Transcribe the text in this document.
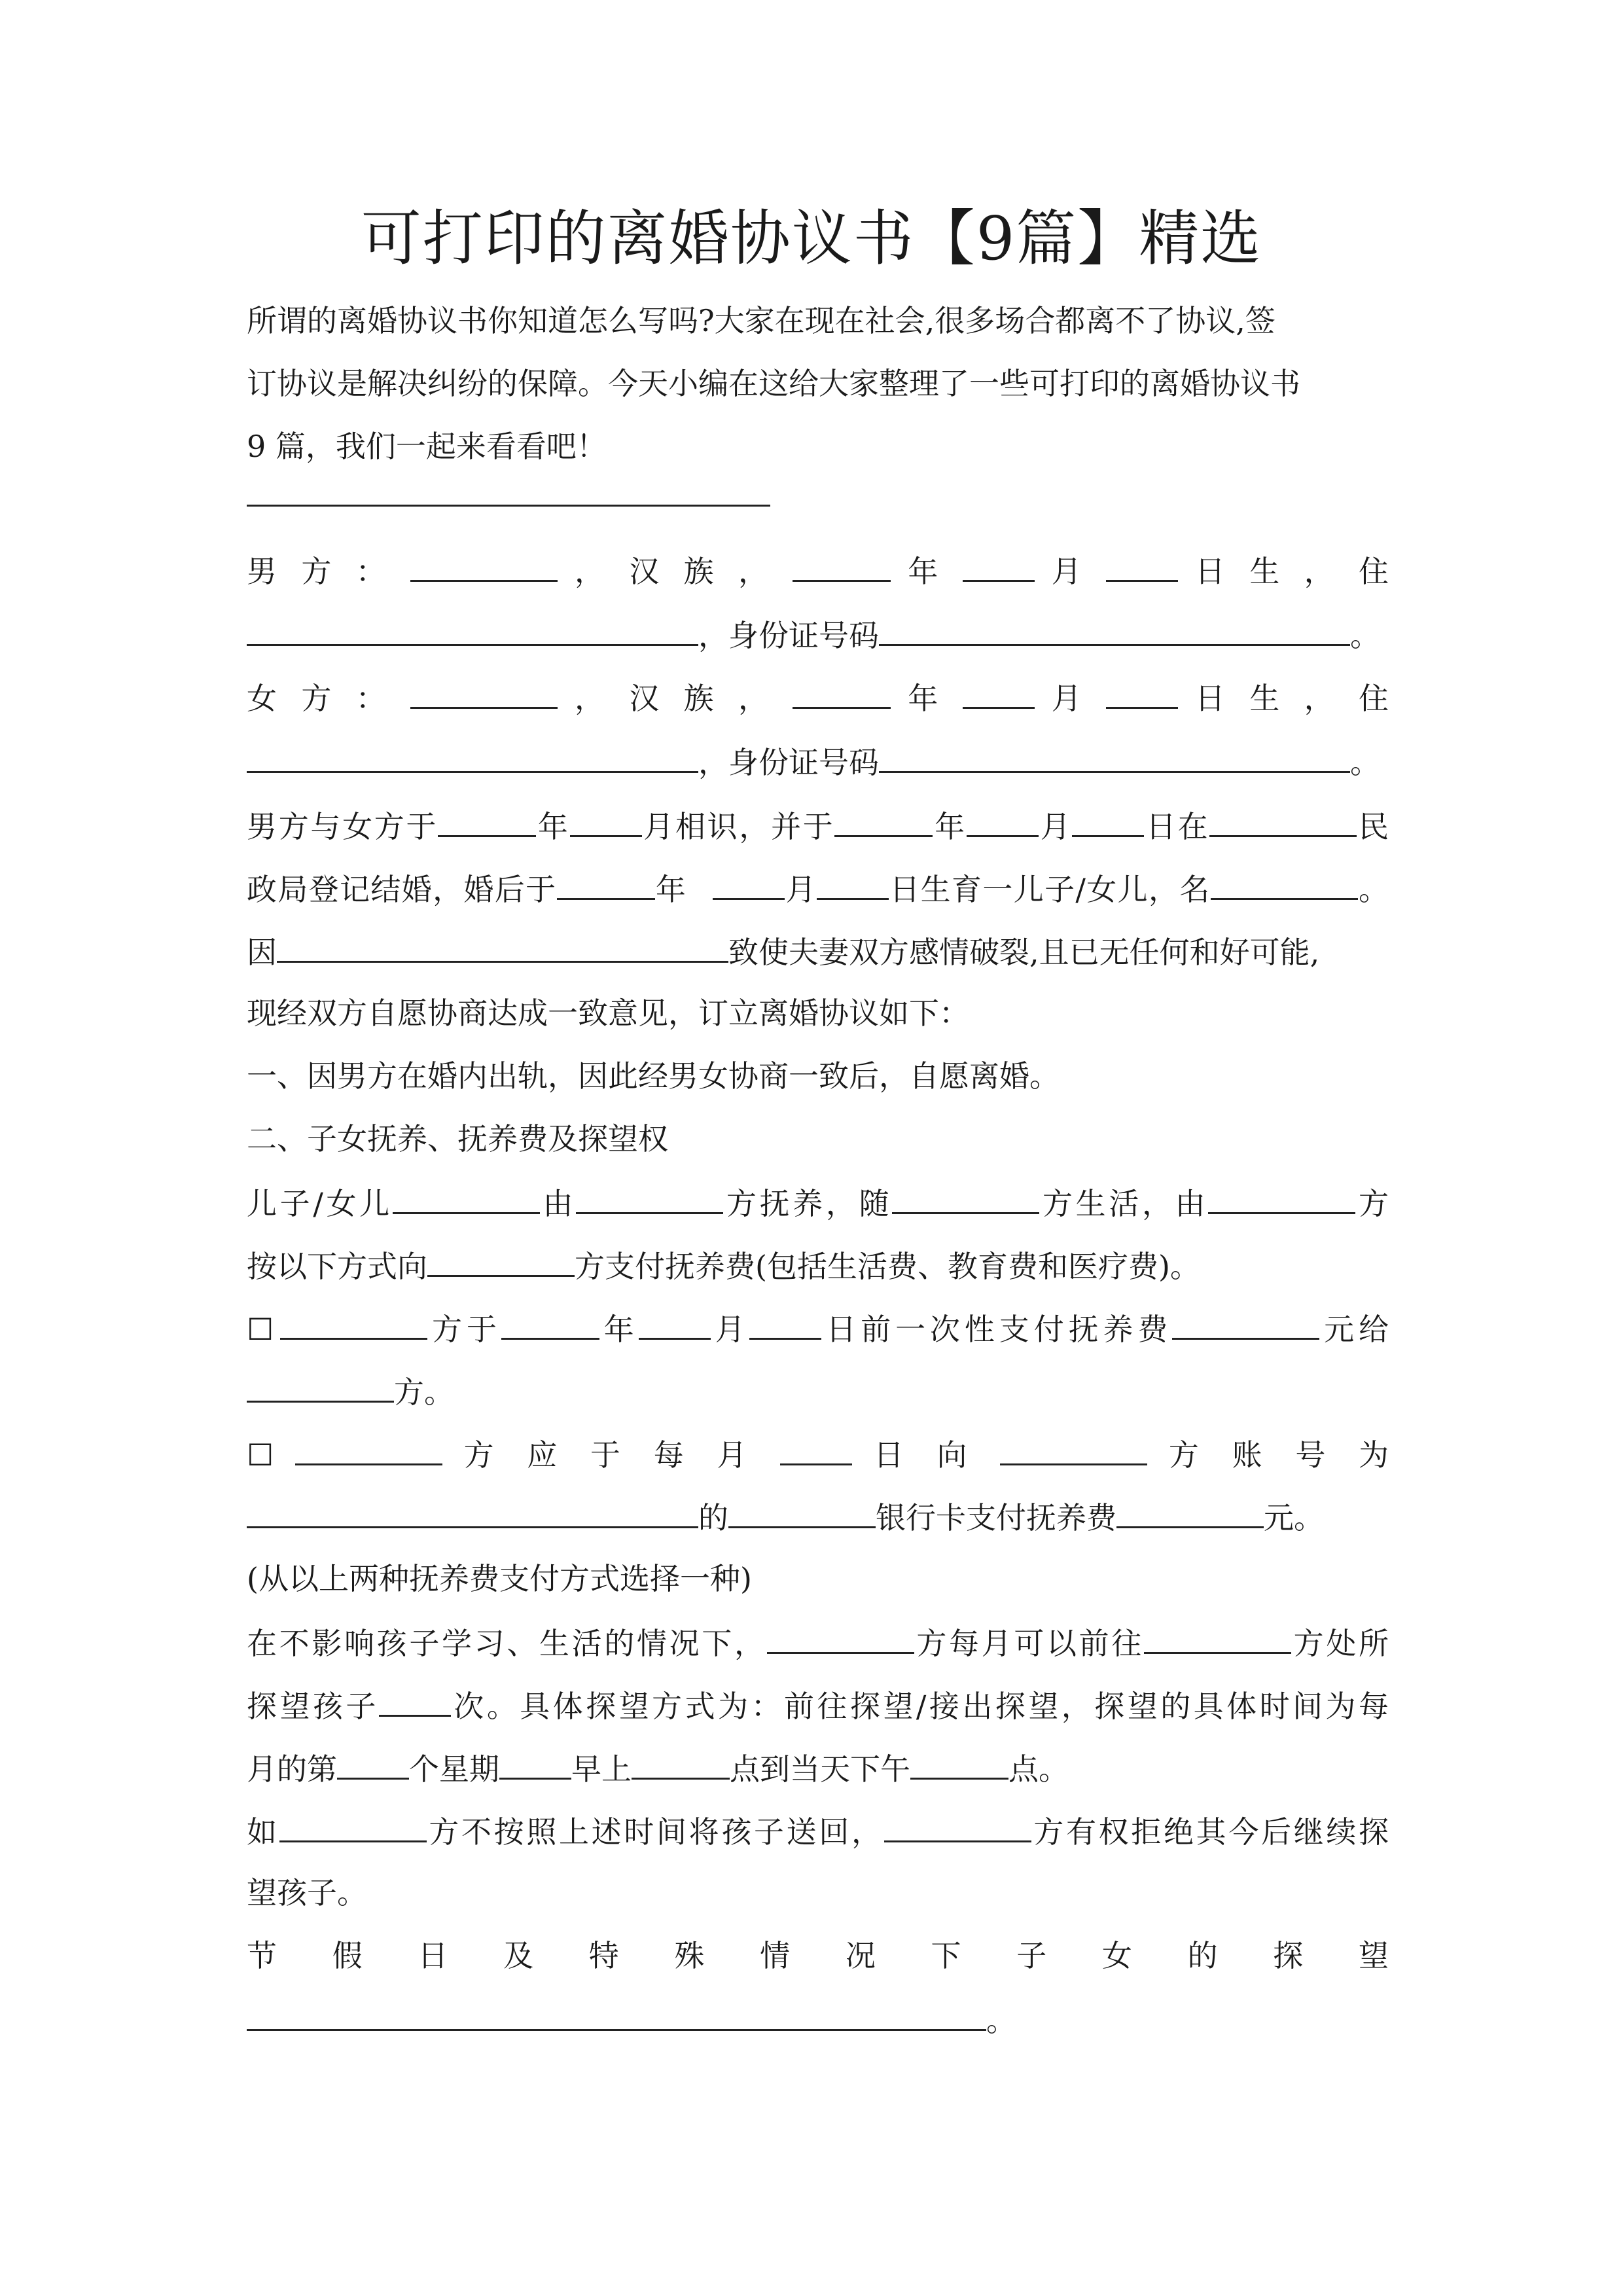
可打印的离婚协议书【9篇】精选
所谓的离婚协议书你知道怎么写吗?大家在现在社会,很多场合都离不了协议,签
订协议是解决纠纷的保障。今天小编在这给大家整理了一些可打印的离婚协议书
9 篇，我们一起来看看吧！
男 方 ：	， 汉 族 ，	年	月	日 生 ， 住
，身份证号码	。
女 方 ：	， 汉 族 ，	年	月	日 生 ， 住
，身份证号码	。
男方与女方于	年 月相识，并于	年 月 日在	民
政局登记结婚，婚后于	年	月 日生育一儿子/女儿，名	。
因	致使夫妻双方感情破裂,且已无任何和好可能,
现经双方自愿协商达成一致意见，订立离婚协议如下：
一、因男方在婚内出轨，因此经男女协商一致后，自愿离婚。
二、子女抚养、抚养费及探望权
儿子/女儿	由	方抚养，随	方生活，由	方
按以下方式向	方支付抚养费(包括生活费、教育费和医疗费)。
☐	方于	年 月 日前一次性支付抚养费	元给
方。
☐	方 应 于 每 月	日 向	方 账 号 为
的	银行卡支付抚养费	元。
(从以上两种抚养费支付方式选择一种)
在不影响孩子学习、生活的情况下，	方每月可以前往	方处所
探望孩子 次。具体探望方式为：前往探望/接出探望，探望的具体时间为每
月的第 个星期 早上	点到当天下午	点。
如	方不按照上述时间将孩子送回，	方有权拒绝其今后继续探
望孩子。
节 假 日 及 特 殊 情 况 下 子 女 的 探 望
。
